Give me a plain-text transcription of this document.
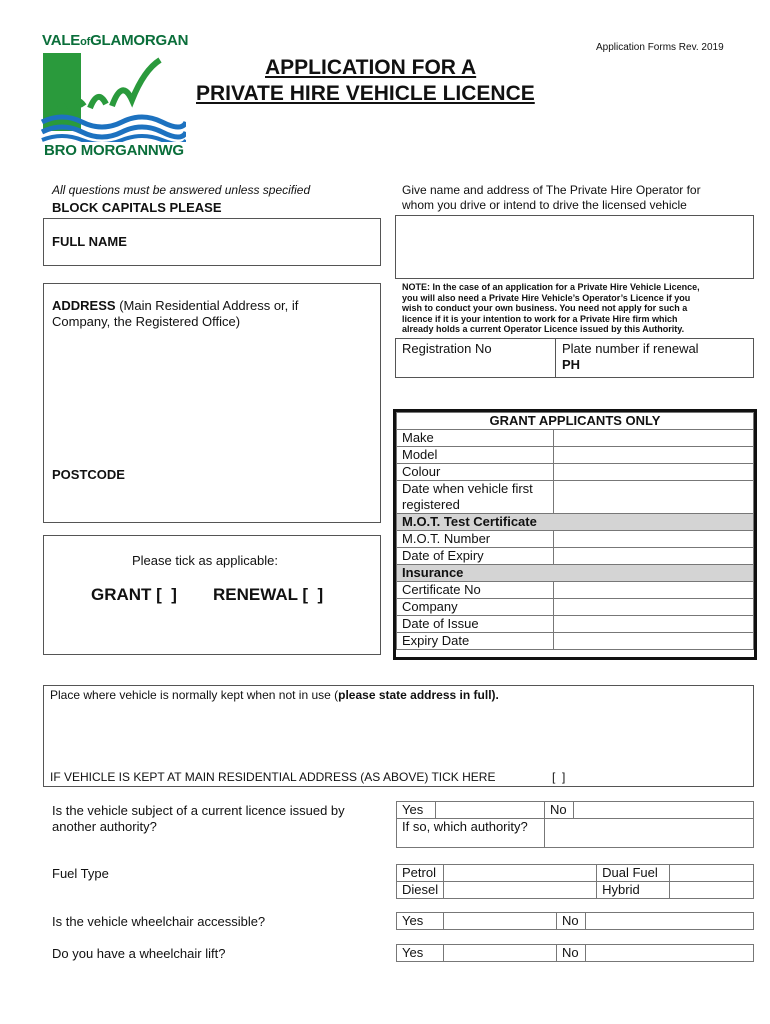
VALEofGLAMORGAN
BRO MORGANNWG
Application Forms Rev. 2019
APPLICATION FOR A
PRIVATE HIRE VEHICLE LICENCE
All questions must be answered unless specified
BLOCK CAPITALS PLEASE
Give name and address of The Private Hire Operator for
whom you drive or intend to drive the licensed vehicle
FULL NAME
ADDRESS (Main Residential Address or, if
Company, the Registered Office)
POSTCODE
NOTE: In the case of an application for a Private Hire Vehicle Licence,
you will also need a Private Hire Vehicle’s Operator’s Licence if you
wish to conduct your own business. You need not apply for such a
licence if it is your intention to work for a Private Hire firm which
already holds a current Operator Licence issued by this Authority.
Registration No	Plate number if renewal
PH
Please tick as applicable:
GRANT [  ] RENEWAL [  ]
GRANT APPLICANTS ONLY	
Make	
Model	
Colour	

Date when vehicle first
registered	

M.O.T. Test Certificate	
M.O.T. Number	
Date of Expiry	
Insurance	
Certificate No	
Company	
Date of Issue	
Expiry Date	
Place where vehicle is normally kept when not in use (please state address in full).
IF VEHICLE IS KEPT AT MAIN RESIDENTIAL ADDRESS (AS ABOVE) TICK HERE	[  ]
Is the vehicle subject of a current licence issued by
another authority?
Yes		No	
If so, which authority?			
Fuel Type	Petrol		Dual Fuel	
Diesel		Hybrid	
Is the vehicle wheelchair accessible?	Yes		No	
Do you have a wheelchair lift?	Yes		No	
